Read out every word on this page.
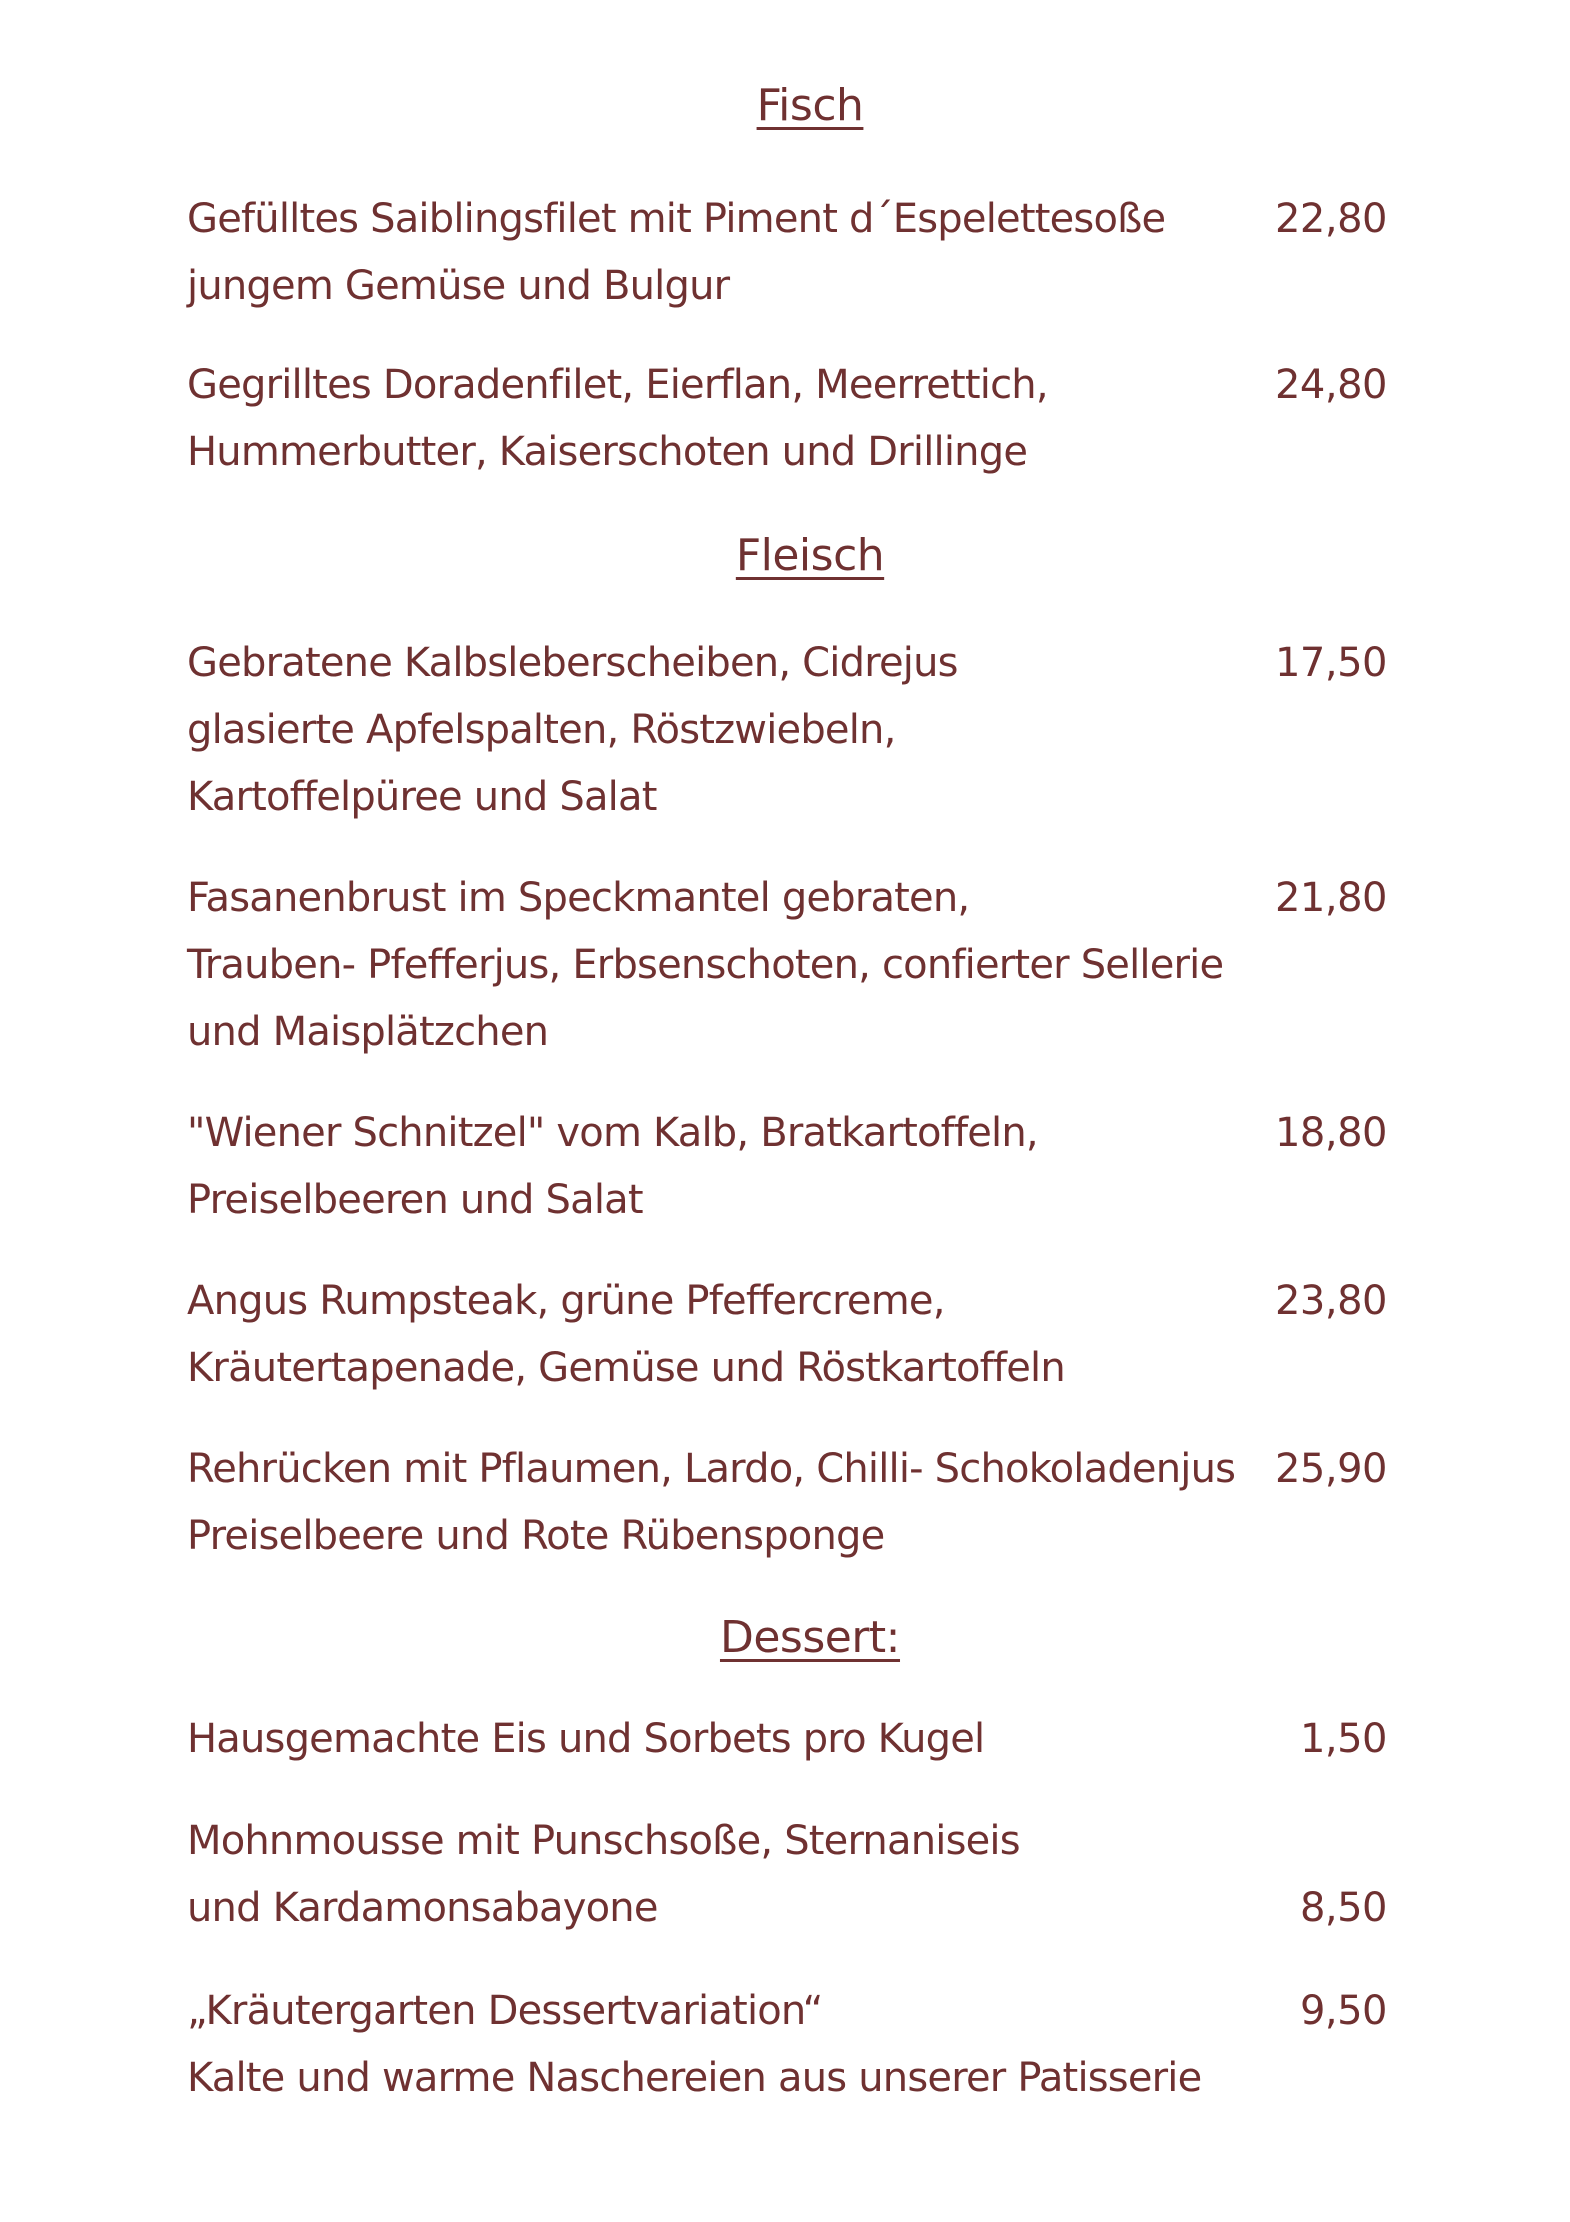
Fisch
Gefülltes Saiblingsfilet mit Piment d´Espelettesoße
jungem Gemüse und Bulgur
22,80
Gegrilltes Doradenfilet, Eierflan, Meerrettich,
Hummerbutter, Kaiserschoten und Drillinge
24,80
Fleisch
Gebratene Kalbsleberscheiben, Cidrejus
glasierte Apfelspalten, Röstzwiebeln,
Kartoffelpüree und Salat
17,50
Fasanenbrust im Speckmantel gebraten,
Trauben- Pfefferjus, Erbsenschoten, confierter Sellerie
und Maisplätzchen
21,80
"Wiener Schnitzel" vom Kalb, Bratkartoffeln,
Preiselbeeren und Salat
18,80
Angus Rumpsteak, grüne Pfeffercreme,
Kräutertapenade, Gemüse und Röstkartoffeln
23,80
Rehrücken mit Pflaumen, Lardo, Chilli- Schokoladenjus
Preiselbeere und Rote Rübensponge
25,90
Dessert:
Hausgemachte Eis und Sorbets pro Kugel	1,50
Mohnmousse mit Punschsoße, Sternaniseis
und Kardamonsabayone	8,50
„Kräutergarten Dessertvariation“
Kalte und warme Naschereien aus unserer Patisserie
9,50
